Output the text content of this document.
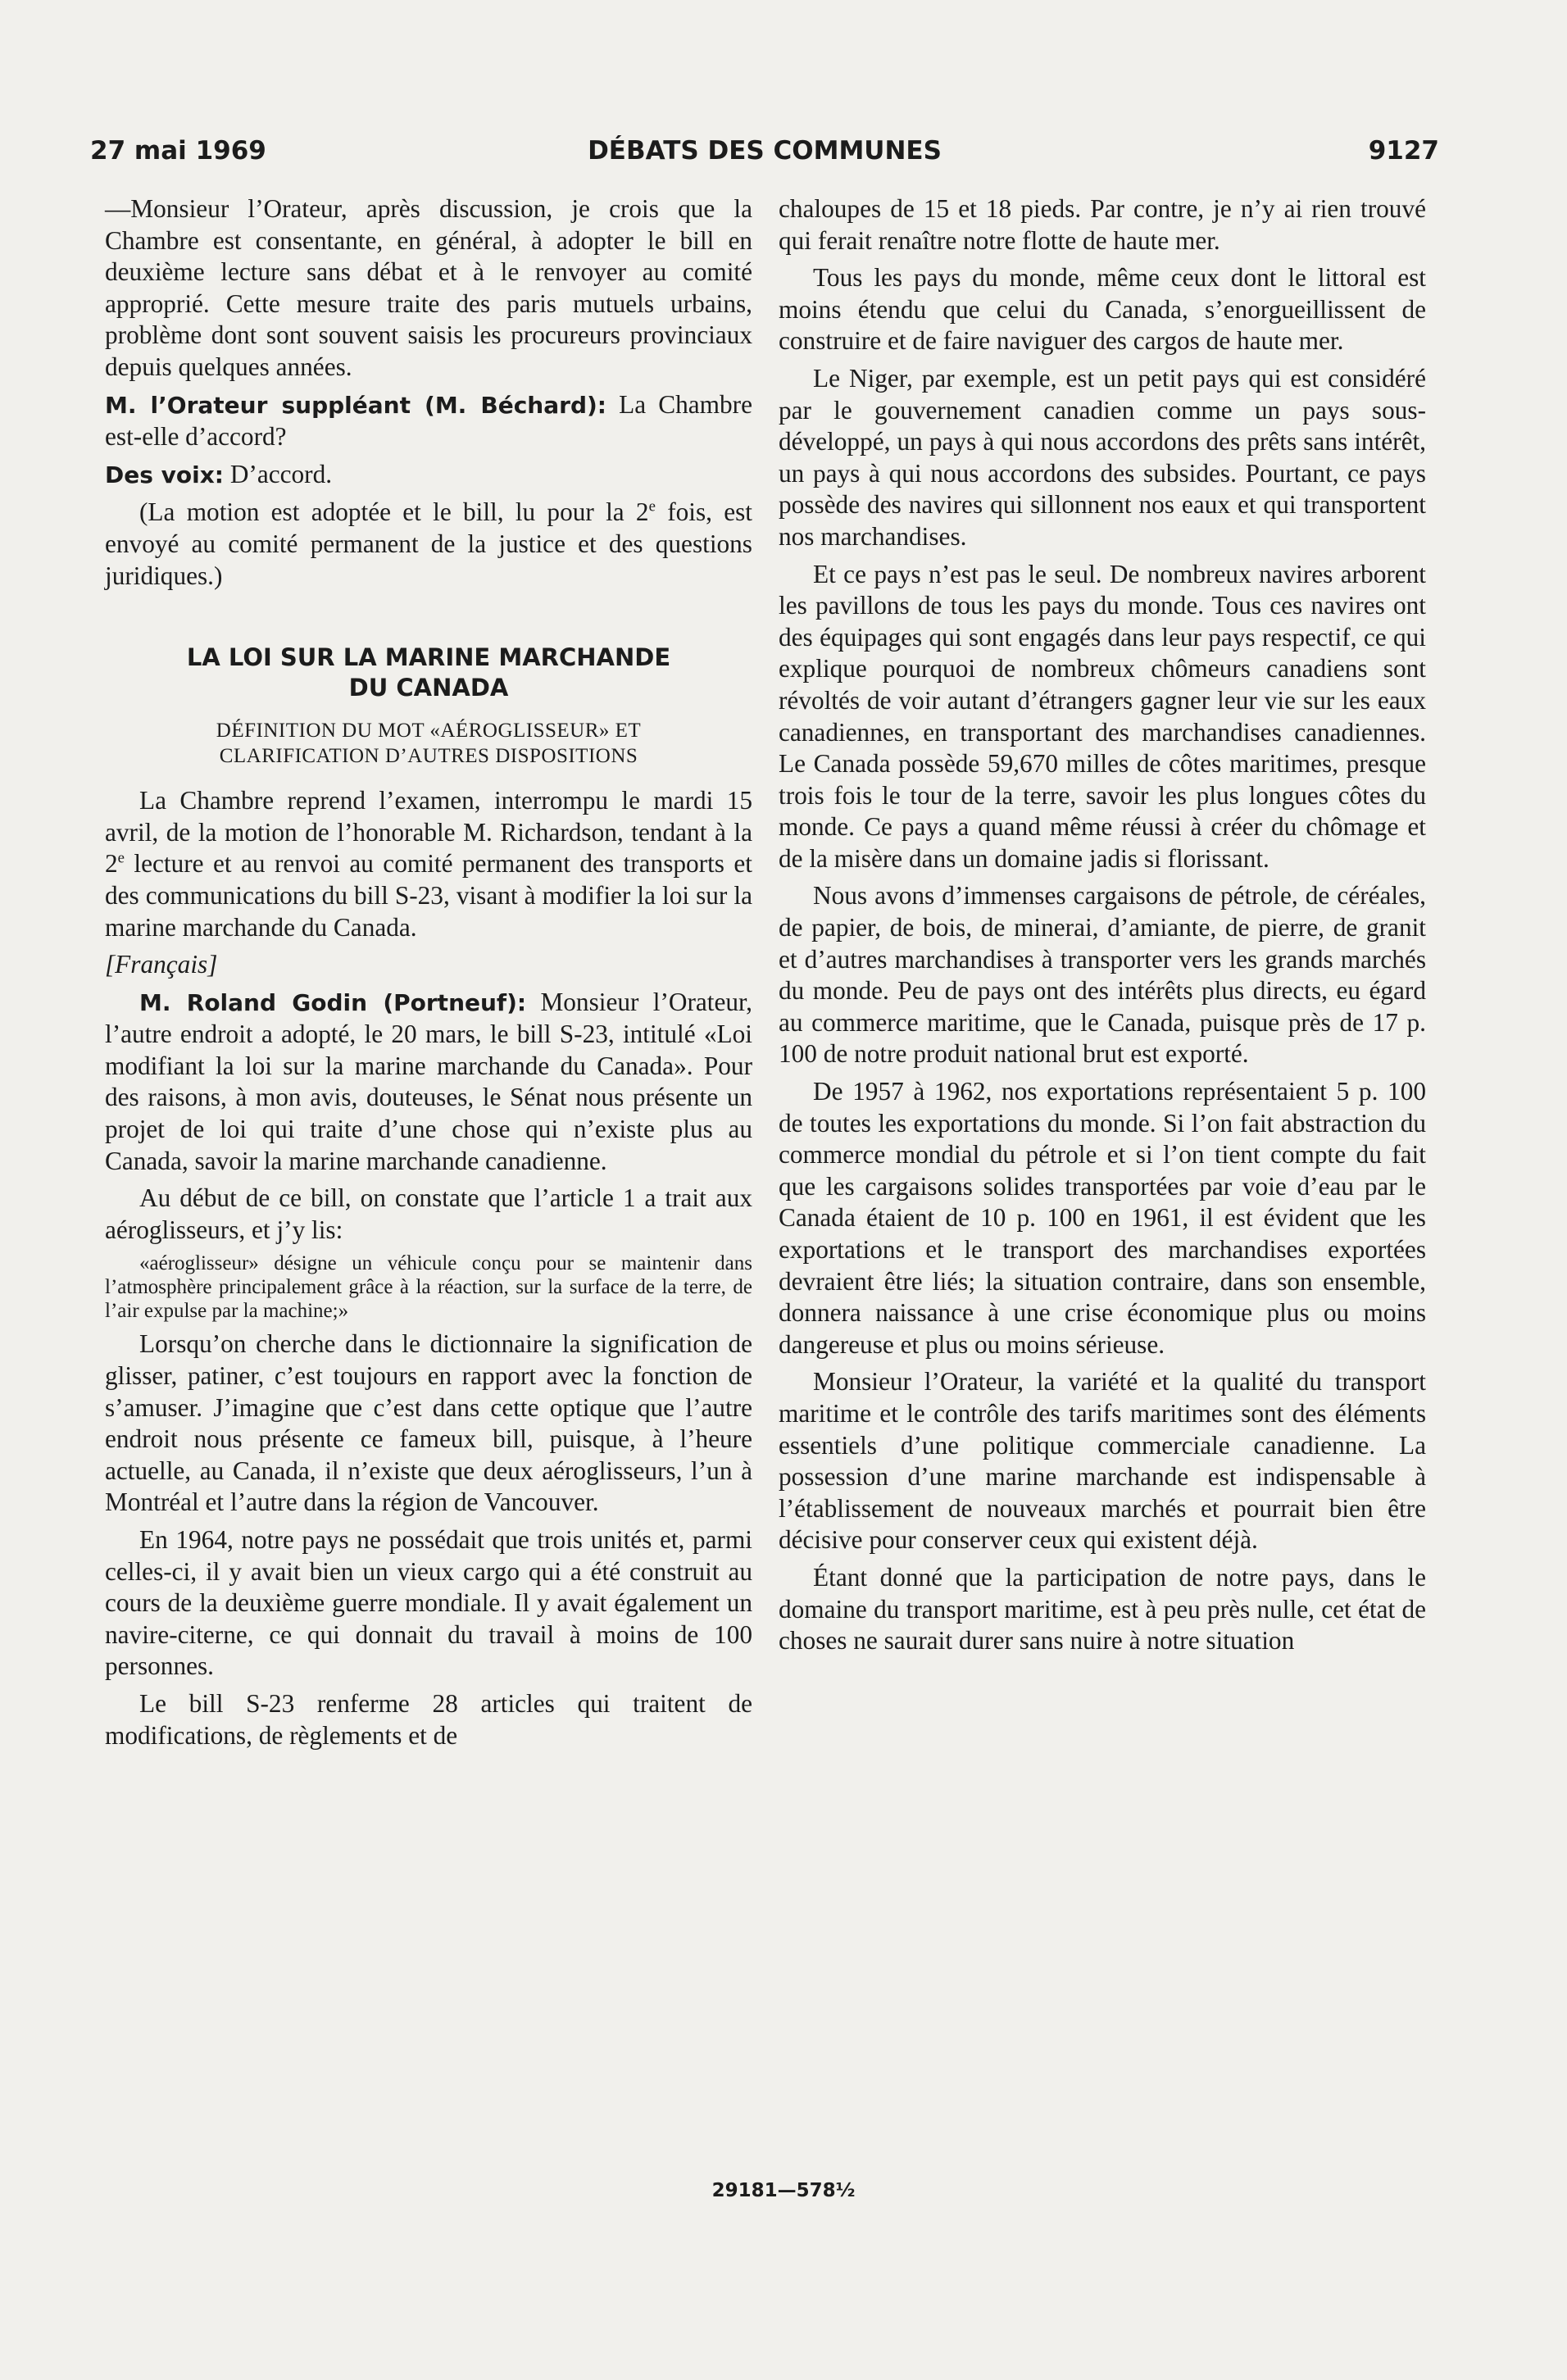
27 mai 1969	DÉBATS DES COMMUNES	9127

—Monsieur l’Orateur, après discussion, je crois que la Chambre est consentante, en général, à adopter le bill en deuxième lecture sans débat et à le renvoyer au comité approprié. Cette mesure traite des paris mutuels urbains, problème dont sont souvent saisis les procureurs provinciaux depuis quelques années.

M. l’Orateur suppléant (M. Béchard): La Chambre est-elle d’accord?

Des voix: D’accord.

(La motion est adoptée et le bill, lu pour la 2e fois, est envoyé au comité permanent de la justice et des questions juridiques.)

LA LOI SUR LA MARINE MARCHANDE
DU CANADA
DÉFINITION DU MOT «AÉROGLISSEUR» ET
CLARIFICATION D’AUTRES DISPOSITIONS

La Chambre reprend l’examen, interrompu le mardi 15 avril, de la motion de l’honorable M. Richardson, tendant à la 2e lecture et au renvoi au comité permanent des transports et des communications du bill S-23, visant à modifier la loi sur la marine marchande du Canada.

[Français]

M. Roland Godin (Portneuf): Monsieur l’Orateur, l’autre endroit a adopté, le 20 mars, le bill S-23, intitulé «Loi modifiant la loi sur la marine marchande du Canada». Pour des raisons, à mon avis, douteuses, le Sénat nous présente un projet de loi qui traite d’une chose qui n’existe plus au Canada, savoir la marine marchande canadienne.

Au début de ce bill, on constate que l’article 1 a trait aux aéroglisseurs, et j’y lis:

«aéroglisseur» désigne un véhicule conçu pour se maintenir dans l’atmosphère principalement grâce à la réaction, sur la surface de la terre, de l’air expulse par la machine;»

Lorsqu’on cherche dans le dictionnaire la signification de glisser, patiner, c’est toujours en rapport avec la fonction de s’amuser. J’imagine que c’est dans cette optique que l’autre endroit nous présente ce fameux bill, puisque, à l’heure actuelle, au Canada, il n’existe que deux aéroglisseurs, l’un à Montréal et l’autre dans la région de Vancouver.

En 1964, notre pays ne possédait que trois unités et, parmi celles-ci, il y avait bien un vieux cargo qui a été construit au cours de la deuxième guerre mondiale. Il y avait également un navire-citerne, ce qui donnait du travail à moins de 100 personnes.

Le bill S-23 renferme 28 articles qui traitent de modifications, de règlements et de

chaloupes de 15 et 18 pieds. Par contre, je n’y ai rien trouvé qui ferait renaître notre flotte de haute mer.

Tous les pays du monde, même ceux dont le littoral est moins étendu que celui du Canada, s’enorgueillissent de construire et de faire naviguer des cargos de haute mer.

Le Niger, par exemple, est un petit pays qui est considéré par le gouvernement canadien comme un pays sous-développé, un pays à qui nous accordons des prêts sans intérêt, un pays à qui nous accordons des subsides. Pourtant, ce pays possède des navires qui sillonnent nos eaux et qui transportent nos marchandises.

Et ce pays n’est pas le seul. De nombreux navires arborent les pavillons de tous les pays du monde. Tous ces navires ont des équipages qui sont engagés dans leur pays respectif, ce qui explique pourquoi de nombreux chômeurs canadiens sont révoltés de voir autant d’étrangers gagner leur vie sur les eaux canadiennes, en transportant des marchandises canadiennes. Le Canada possède 59,670 milles de côtes maritimes, presque trois fois le tour de la terre, savoir les plus longues côtes du monde. Ce pays a quand même réussi à créer du chômage et de la misère dans un domaine jadis si florissant.

Nous avons d’immenses cargaisons de pétrole, de céréales, de papier, de bois, de minerai, d’amiante, de pierre, de granit et d’autres marchandises à transporter vers les grands marchés du monde. Peu de pays ont des intérêts plus directs, eu égard au commerce maritime, que le Canada, puisque près de 17 p. 100 de notre produit national brut est exporté.

De 1957 à 1962, nos exportations représentaient 5 p. 100 de toutes les exportations du monde. Si l’on fait abstraction du commerce mondial du pétrole et si l’on tient compte du fait que les cargaisons solides transportées par voie d’eau par le Canada étaient de 10 p. 100 en 1961, il est évident que les exportations et le transport des marchandises exportées devraient être liés; la situation contraire, dans son ensemble, donnera naissance à une crise économique plus ou moins dangereuse et plus ou moins sérieuse.

Monsieur l’Orateur, la variété et la qualité du transport maritime et le contrôle des tarifs maritimes sont des éléments essentiels d’une politique commerciale canadienne. La possession d’une marine marchande est indispensable à l’établissement de nouveaux marchés et pourrait bien être décisive pour conserver ceux qui existent déjà.

Étant donné que la participation de notre pays, dans le domaine du transport maritime, est à peu près nulle, cet état de choses ne saurait durer sans nuire à notre situation

29181—578½
